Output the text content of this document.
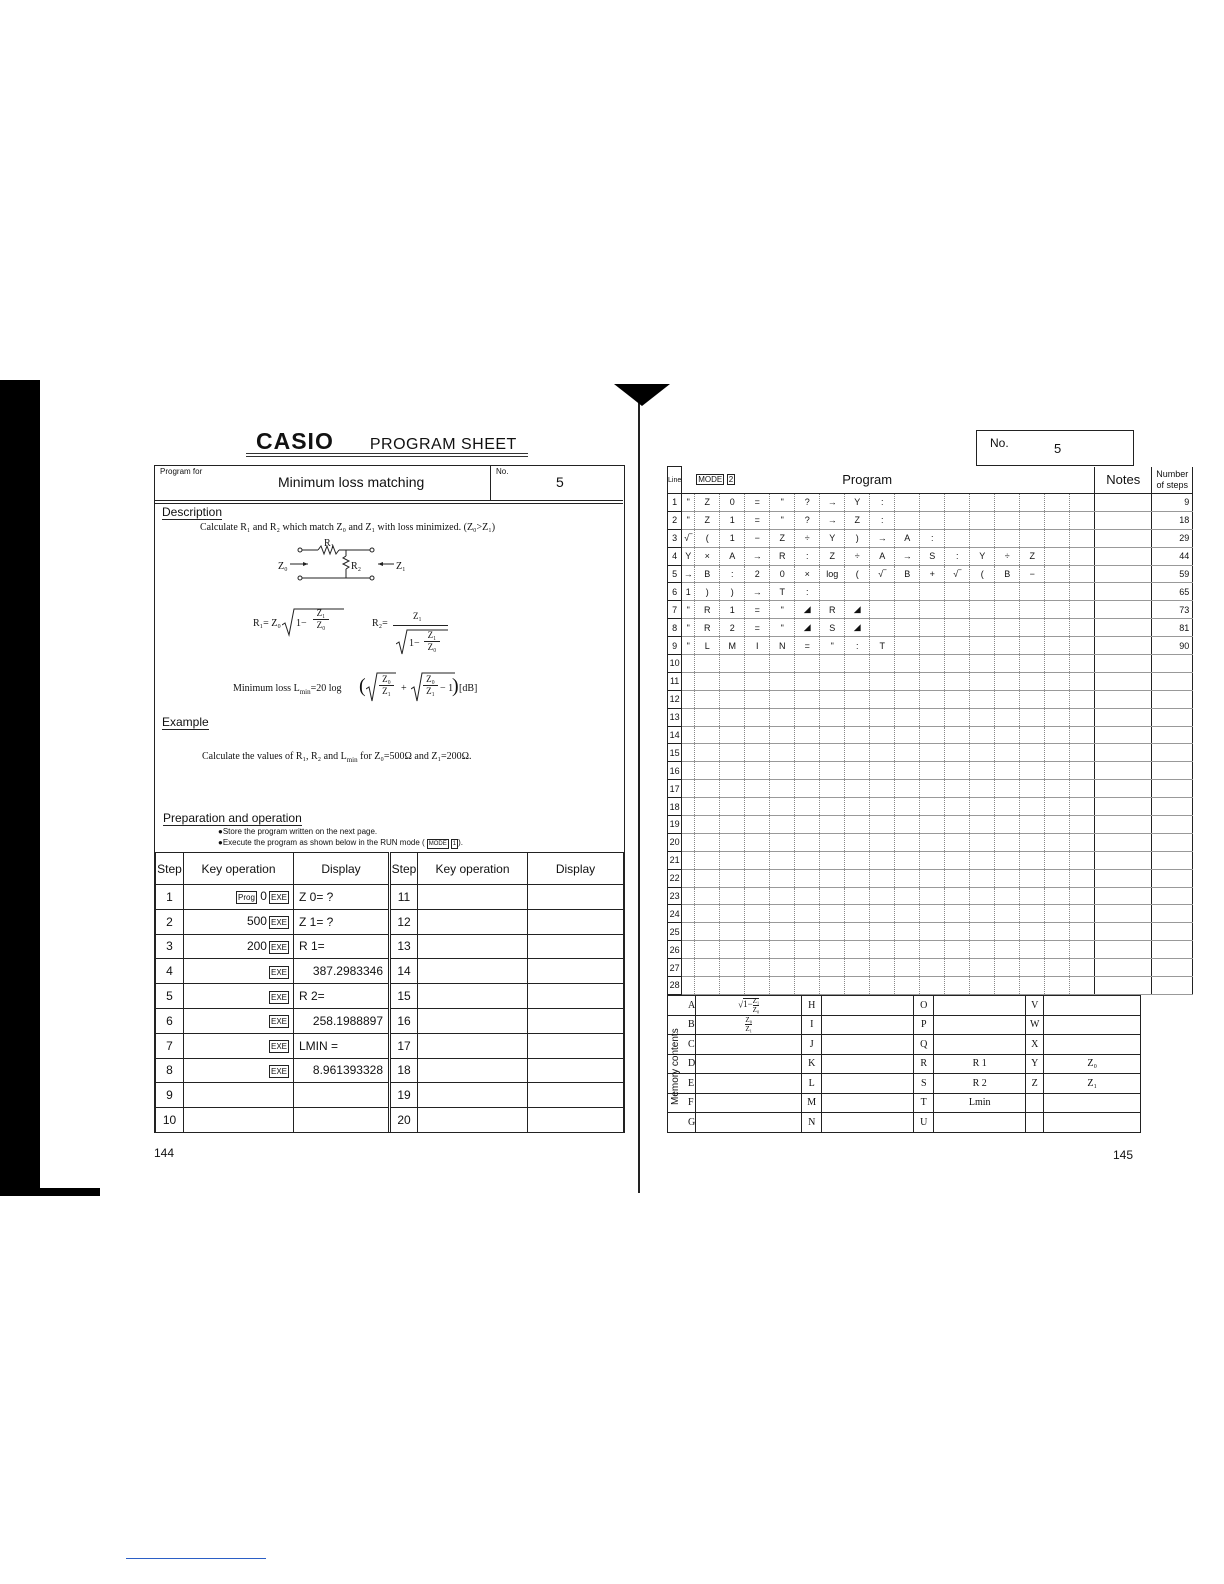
CASIO PROGRAM SHEET
Program for
Minimum loss matching
No.
5
Description
Calculate R₁ and R₂ which match Z₀ and Z₁ with loss minimized. (Z₀>Z₁)
R₁
R₂
Z₀	Z₁
R₁= Z₀ $1- \frac{\text{Z₁}}{\text{Z₀}}$	R₂=
Z₁
$1- \frac{\text{Z₁}}{\text{Z₀}}$
Minimum loss $L_{min}=20$ log ( $\frac{\text{Z₀}}{\text{Z₁}} + \frac{\text{Z₀}}{\text{Z₁}} - 1$
) [dB]
Example
Calculate the values of R₁, R₂ and $L_{min}$ for Z₀=500Ω and Z₁=200Ω.
Preparation and operation
●Store the program written on the next page.
●Execute the program as shown below in the RUN mode ( MODE 1 ).
Step	Key operation	Display	Step	Key operation	Display
1	Prog 0 EXE	Z 0= ?	11		
2	500 EXE	Z 1= ?	12		
3	200 EXE	R 1=	13		
4	EXE	387.2983346	14		
5	EXE	R 2=	15		
6	EXE	258.1988897	16		
7	EXE	LMIN =	17		
8	EXE	8.961393328	18		
9			19		
10			20		
144
No.	5
Line	MODE 2 Program																	Notes	Number of steps
1	"	Z	0	=	"	?	→	Y	:										9
2	"	Z	1	=	"	?	→	Z	:										18
3	√‾	(	1	−	Z	÷	Y	)	→	A	:								29
4	Y	×	A	→	R	:	Z	÷	A	→	S	:	Y	÷	Z				44
5	→	B	:	2	0	×	log	(	√‾	B	+	√‾	(	B	−				59
6	1	)	)	→	T	:													65
7	"	R	1	=	"	◢	R	◢											73
8	"	R	2	=	"	◢	S	◢											81
9	"	L	M	I	N	=	"	:	T										90
10																			
11																			
12																			
13																			
14																			
15																			
16																			
17																			
18																			
19																			
20																			
21																			
22																			
23																			
24																			
25																			
26																			
27																			
28																			
A	$√1- \frac{\text{Z₁}}{\text{Z₀}}$	H		O		V	
B	$\frac{\text{Z₀}}{\text{Z₁}}$	I		P		W	
C		J		Q		X	
D		K		R	R 1	Y	Z₀
E		L		S	R 2	Z	Z₁
F		M		T	Lmin		
G		N		U			
Memory contents
145
